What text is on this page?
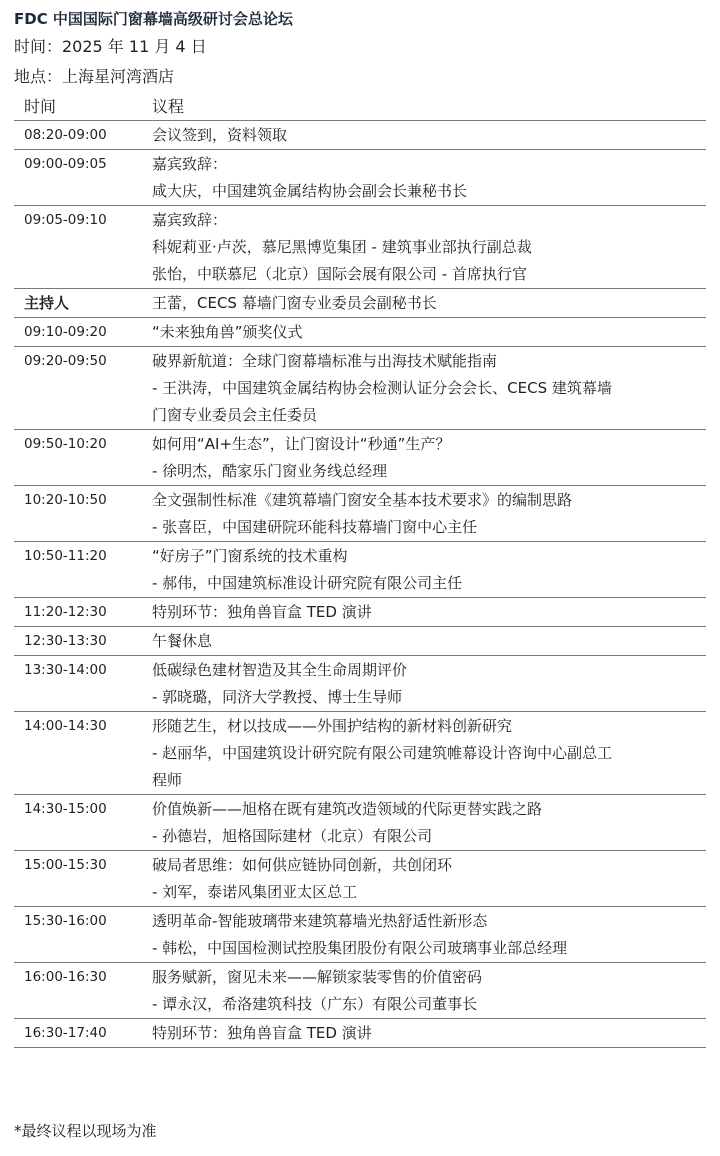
FDC 中国国际门窗幕墙高级研讨会总论坛
时间：2025 年 11 月 4 日
地点：上海星河湾酒店
时间	议程
08:20-09:00	会议签到，资料领取
09:00-09:05	嘉宾致辞：
咸大庆，中国建筑金属结构协会副会长兼秘书长
09:05-09:10	嘉宾致辞：
科妮莉亚·卢茨，慕尼黑博览集团 - 建筑事业部执行副总裁
张怡，中联慕尼（北京）国际会展有限公司 - 首席执行官
主持人	王蕾，CECS 幕墙门窗专业委员会副秘书长
09:10-09:20	“未来独角兽”颁奖仪式
09:20-09:50	破界新航道：全球门窗幕墙标准与出海技术赋能指南
- 王洪涛，中国建筑金属结构协会检测认证分会会长、CECS 建筑幕墙
门窗专业委员会主任委员
09:50-10:20	如何用“AI+生态”，让门窗设计“秒通”生产？
- 徐明杰，酷家乐门窗业务线总经理
10:20-10:50	全文强制性标准《建筑幕墙门窗安全基本技术要求》的编制思路
- 张喜臣，中国建研院环能科技幕墙门窗中心主任
10:50-11:20	“好房子”门窗系统的技术重构
- 郝伟，中国建筑标准设计研究院有限公司主任
11:20-12:30	特别环节：独角兽盲盒 TED 演讲
12:30-13:30	午餐休息
13:30-14:00	低碳绿色建材智造及其全生命周期评价
- 郭晓璐，同济大学教授、博士生导师
14:00-14:30	形随艺生，材以技成——外围护结构的新材料创新研究
- 赵丽华，中国建筑设计研究院有限公司建筑帷幕设计咨询中心副总工
程师
14:30-15:00	价值焕新——旭格在既有建筑改造领域的代际更替实践之路
- 孙德岩，旭格国际建材（北京）有限公司
15:00-15:30	破局者思维：如何供应链协同创新，共创闭环
- 刘军，泰诺风集团亚太区总工
15:30-16:00	透明革命-智能玻璃带来建筑幕墙光热舒适性新形态
- 韩松，中国国检测试控股集团股份有限公司玻璃事业部总经理
16:00-16:30	服务赋新，窗见未来——解锁家装零售的价值密码
- 谭永汉，希洛建筑科技（广东）有限公司董事长
16:30-17:40	特别环节：独角兽盲盒 TED 演讲
*最终议程以现场为准
